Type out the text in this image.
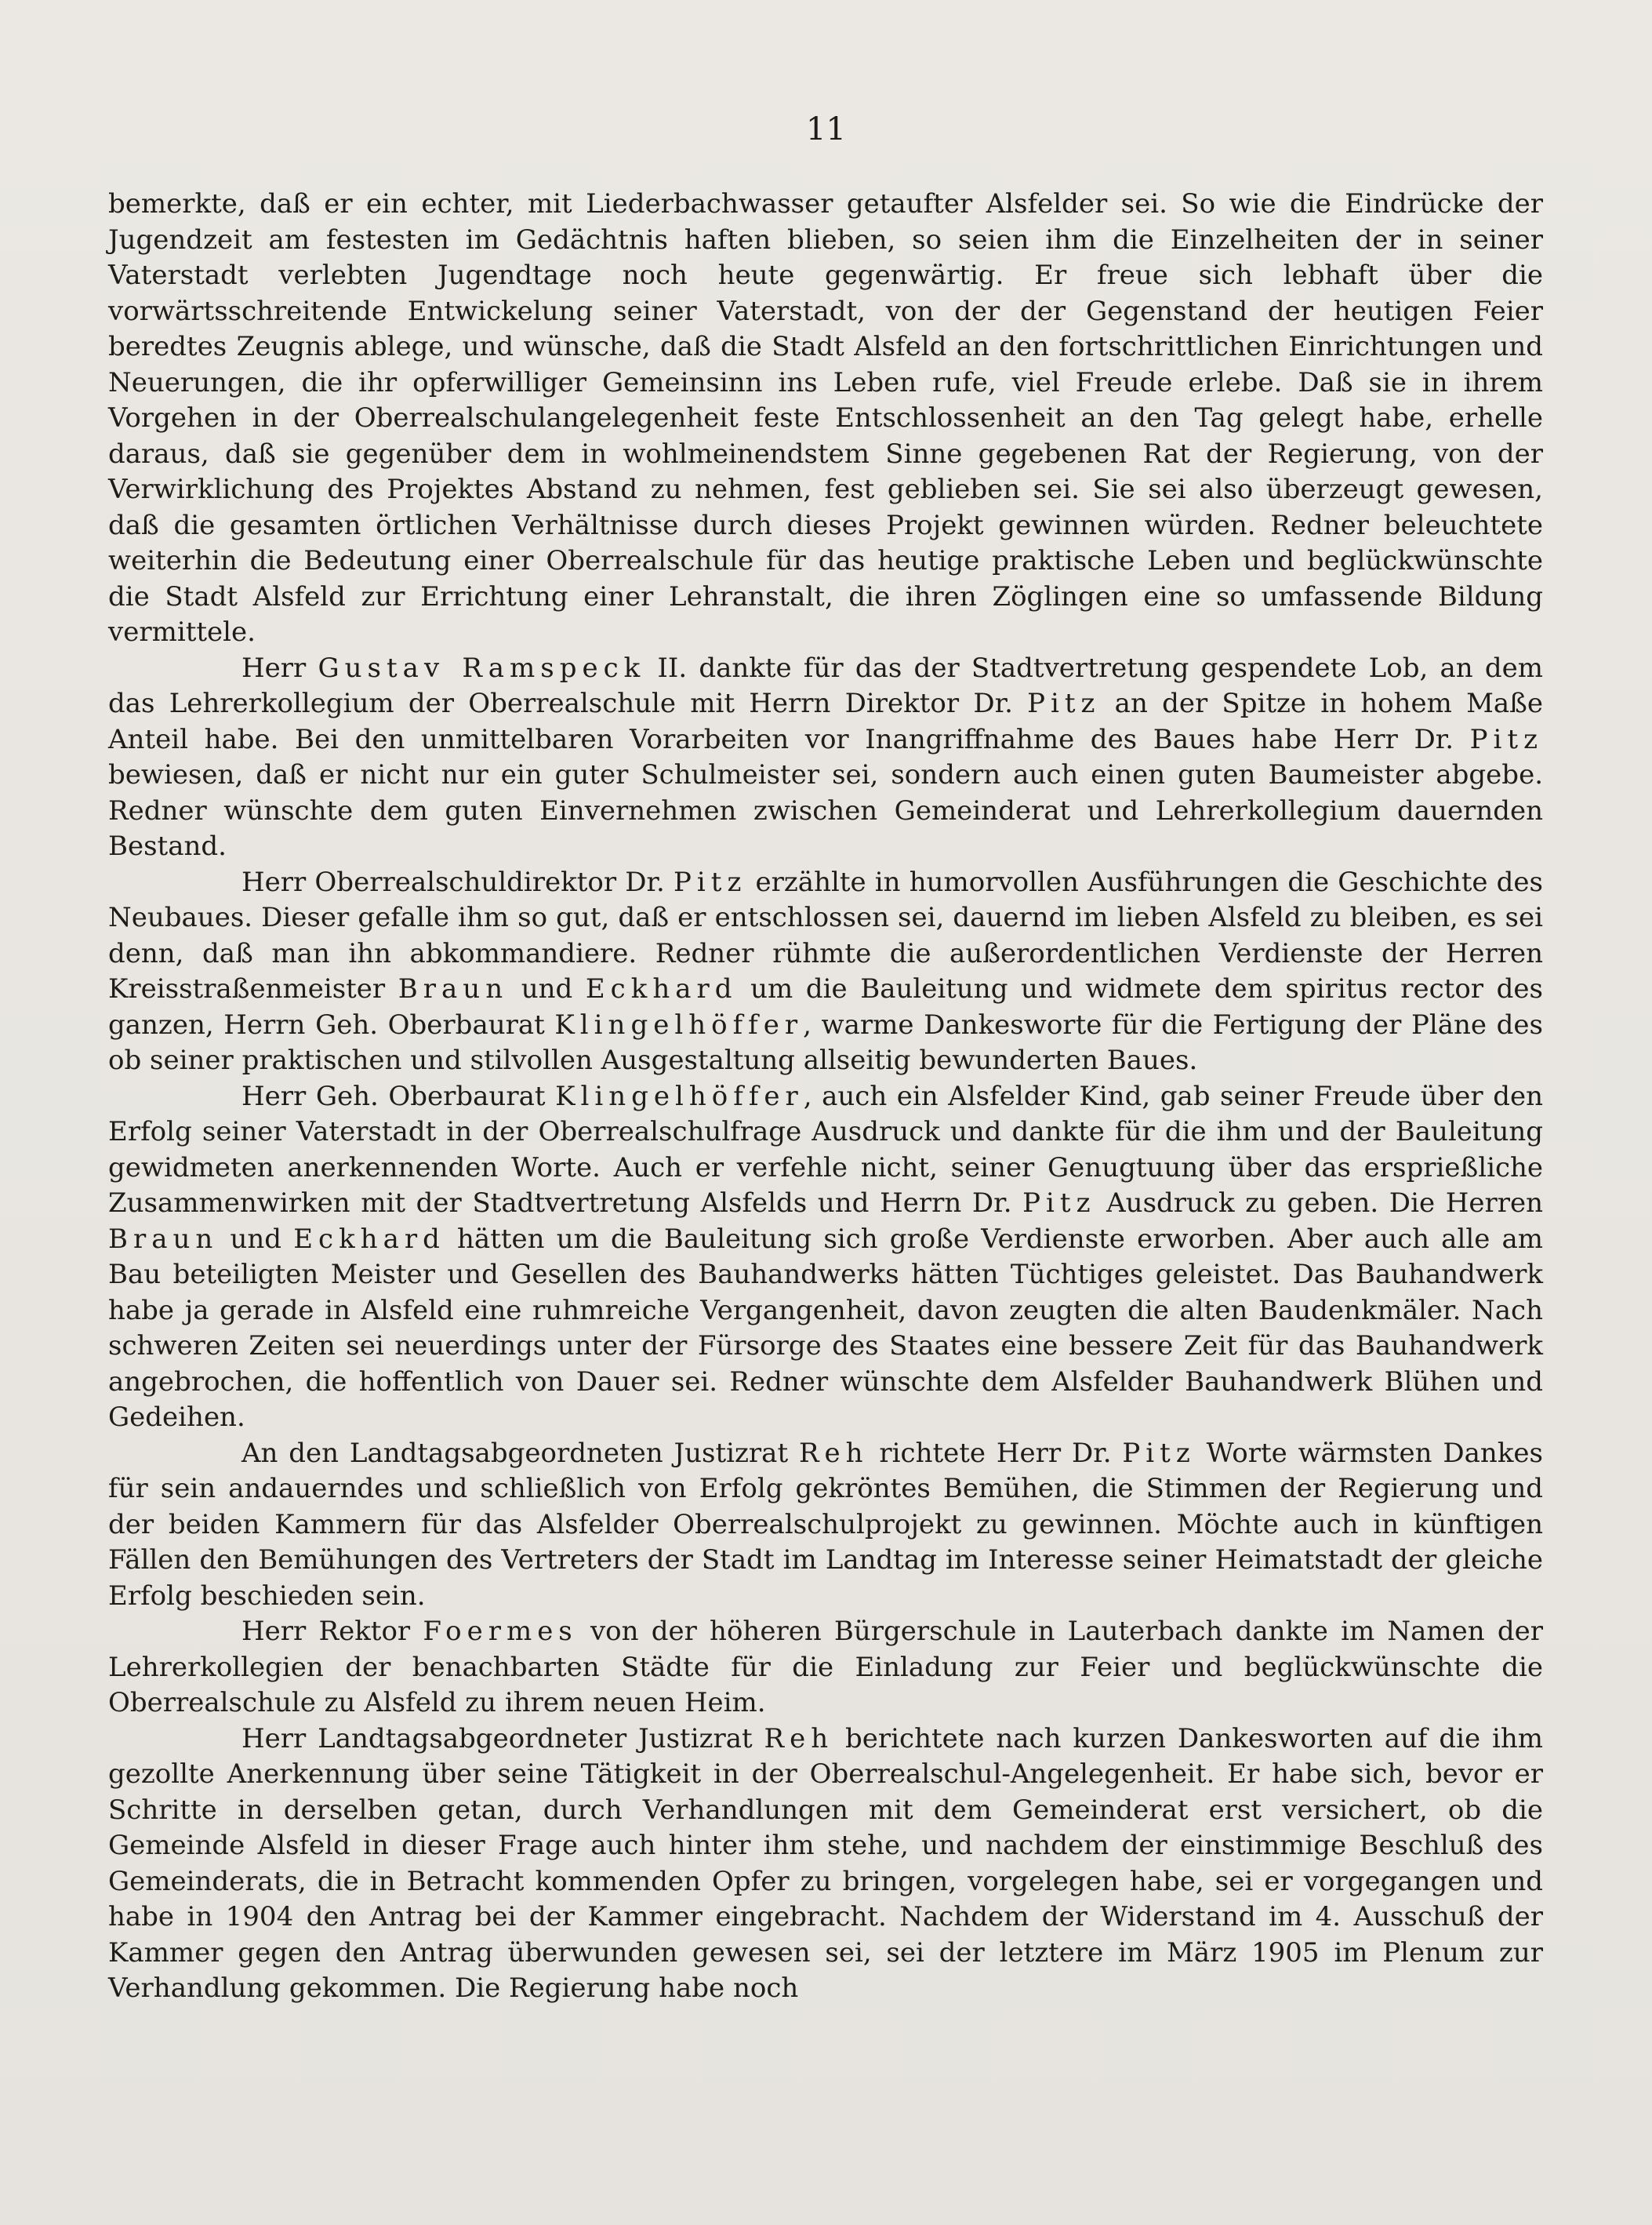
11

bemerkte, daß er ein echter, mit Liederbachwasser getaufter Alsfelder sei. So wie die Eindrücke der Jugendzeit am festesten im Gedächtnis haften blieben, so seien ihm die Einzelheiten der in seiner Vaterstadt verlebten Jugendtage noch heute gegenwärtig. Er freue sich lebhaft über die vorwärtsschreitende Entwickelung seiner Vaterstadt, von der der Gegenstand der heutigen Feier beredtes Zeugnis ablege, und wünsche, daß die Stadt Alsfeld an den fortschrittlichen Einrichtungen und Neuerungen, die ihr opferwilliger Gemeinsinn ins Leben rufe, viel Freude erlebe. Daß sie in ihrem Vorgehen in der Oberrealschulangelegenheit feste Entschlossenheit an den Tag gelegt habe, erhelle daraus, daß sie gegenüber dem in wohlmeinendstem Sinne gegebenen Rat der Regierung, von der Verwirklichung des Projektes Abstand zu nehmen, fest geblieben sei. Sie sei also überzeugt gewesen, daß die gesamten örtlichen Verhältnisse durch dieses Projekt gewinnen würden. Redner beleuchtete weiterhin die Bedeutung einer Oberrealschule für das heutige praktische Leben und beglückwünschte die Stadt Alsfeld zur Errichtung einer Lehranstalt, die ihren Zöglingen eine so umfassende Bildung vermittele.

Herr Gustav Ramspeck II. dankte für das der Stadtvertretung gespendete Lob, an dem das Lehrerkollegium der Oberrealschule mit Herrn Direktor Dr. Pitz an der Spitze in hohem Maße Anteil habe. Bei den unmittelbaren Vorarbeiten vor Inangriffnahme des Baues habe Herr Dr. Pitz bewiesen, daß er nicht nur ein guter Schulmeister sei, sondern auch einen guten Baumeister abgebe. Redner wünschte dem guten Einvernehmen zwischen Gemeinderat und Lehrerkollegium dauernden Bestand.

Herr Oberrealschuldirektor Dr. Pitz erzählte in humorvollen Ausführungen die Geschichte des Neubaues. Dieser gefalle ihm so gut, daß er entschlossen sei, dauernd im lieben Alsfeld zu bleiben, es sei denn, daß man ihn abkommandiere. Redner rühmte die außerordentlichen Verdienste der Herren Kreisstraßenmeister Braun und Eckhard um die Bauleitung und widmete dem spiritus rector des ganzen, Herrn Geh. Oberbaurat Klingelhöffer, warme Dankesworte für die Fertigung der Pläne des ob seiner praktischen und stilvollen Ausgestaltung allseitig bewunderten Baues.

Herr Geh. Oberbaurat Klingelhöffer, auch ein Alsfelder Kind, gab seiner Freude über den Erfolg seiner Vaterstadt in der Oberrealschulfrage Ausdruck und dankte für die ihm und der Bauleitung gewidmeten anerkennenden Worte. Auch er verfehle nicht, seiner Genugtuung über das ersprießliche Zusammenwirken mit der Stadtvertretung Alsfelds und Herrn Dr. Pitz Ausdruck zu geben. Die Herren Braun und Eckhard hätten um die Bauleitung sich große Verdienste erworben. Aber auch alle am Bau beteiligten Meister und Gesellen des Bauhandwerks hätten Tüchtiges geleistet. Das Bauhandwerk habe ja gerade in Alsfeld eine ruhmreiche Vergangenheit, davon zeugten die alten Baudenkmäler. Nach schweren Zeiten sei neuerdings unter der Fürsorge des Staates eine bessere Zeit für das Bauhandwerk angebrochen, die hoffentlich von Dauer sei. Redner wünschte dem Alsfelder Bauhandwerk Blühen und Gedeihen.

An den Landtagsabgeordneten Justizrat Reh richtete Herr Dr. Pitz Worte wärmsten Dankes für sein andauerndes und schließlich von Erfolg gekröntes Bemühen, die Stimmen der Regierung und der beiden Kammern für das Alsfelder Oberrealschulprojekt zu gewinnen. Möchte auch in künftigen Fällen den Bemühungen des Vertreters der Stadt im Landtag im Interesse seiner Heimatstadt der gleiche Erfolg beschieden sein.

Herr Rektor Foermes von der höheren Bürgerschule in Lauterbach dankte im Namen der Lehrerkollegien der benachbarten Städte für die Einladung zur Feier und beglückwünschte die Oberrealschule zu Alsfeld zu ihrem neuen Heim.

Herr Landtagsabgeordneter Justizrat Reh berichtete nach kurzen Dankesworten auf die ihm gezollte Anerkennung über seine Tätigkeit in der Oberrealschul-Angelegenheit. Er habe sich, bevor er Schritte in derselben getan, durch Verhandlungen mit dem Gemeinderat erst versichert, ob die Gemeinde Alsfeld in dieser Frage auch hinter ihm stehe, und nachdem der einstimmige Beschluß des Gemeinderats, die in Betracht kommenden Opfer zu bringen, vorgelegen habe, sei er vorgegangen und habe in 1904 den Antrag bei der Kammer eingebracht. Nachdem der Widerstand im 4. Ausschuß der Kammer gegen den Antrag überwunden gewesen sei, sei der letztere im März 1905 im Plenum zur Verhandlung gekommen. Die Regierung habe noch
